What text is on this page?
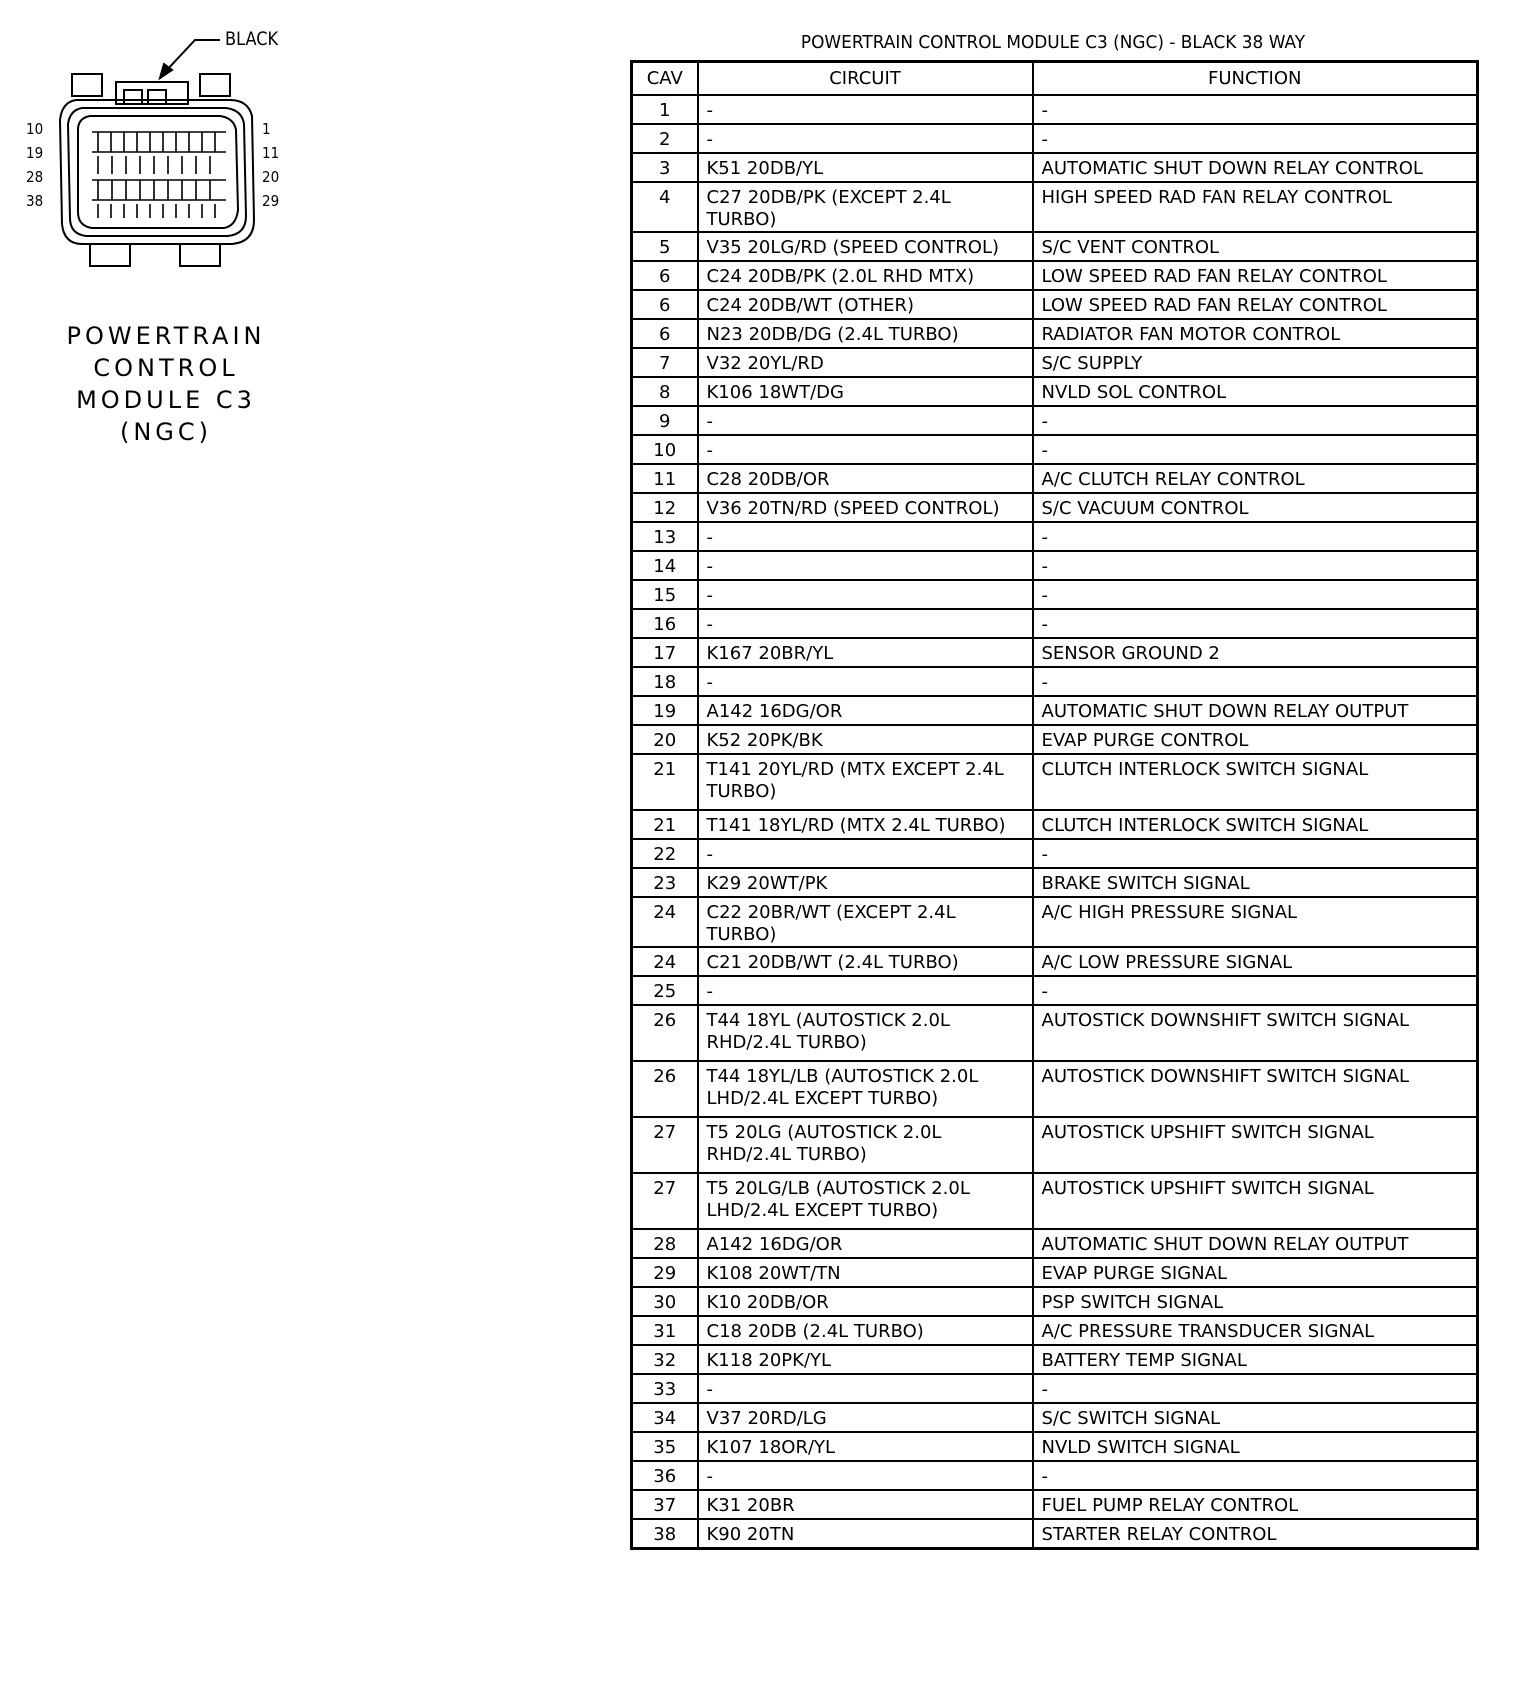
BLACK
10
19
28
38
1
11
20
29
POWERTRAIN
CONTROL
MODULE C3
(NGC)
POWERTRAIN CONTROL MODULE C3 (NGC) - BLACK 38 WAY
CAV	CIRCUIT	FUNCTION
1	-	-
2	-	-
3	K51 20DB/YL	AUTOMATIC SHUT DOWN RELAY CONTROL
4	C27 20DB/PK (EXCEPT 2.4L TURBO)	HIGH SPEED RAD FAN RELAY CONTROL
5	V35 20LG/RD (SPEED CONTROL)	S/C VENT CONTROL
6	C24 20DB/PK (2.0L RHD MTX)	LOW SPEED RAD FAN RELAY CONTROL
6	C24 20DB/WT (OTHER)	LOW SPEED RAD FAN RELAY CONTROL
6	N23 20DB/DG (2.4L TURBO)	RADIATOR FAN MOTOR CONTROL
7	V32 20YL/RD	S/C SUPPLY
8	K106 18WT/DG	NVLD SOL CONTROL
9	-	-
10	-	-
11	C28 20DB/OR	A/C CLUTCH RELAY CONTROL
12	V36 20TN/RD (SPEED CONTROL)	S/C VACUUM CONTROL
13	-	-
14	-	-
15	-	-
16	-	-
17	K167 20BR/YL	SENSOR GROUND 2
18	-	-
19	A142 16DG/OR	AUTOMATIC SHUT DOWN RELAY OUTPUT
20	K52 20PK/BK	EVAP PURGE CONTROL
21	T141 20YL/RD (MTX EXCEPT 2.4L TURBO)	CLUTCH INTERLOCK SWITCH SIGNAL
21	T141 18YL/RD (MTX 2.4L TURBO)	CLUTCH INTERLOCK SWITCH SIGNAL
22	-	-
23	K29 20WT/PK	BRAKE SWITCH SIGNAL
24	C22 20BR/WT (EXCEPT 2.4L TURBO)	A/C HIGH PRESSURE SIGNAL
24	C21 20DB/WT (2.4L TURBO)	A/C LOW PRESSURE SIGNAL
25	-	-
26	T44 18YL (AUTOSTICK 2.0L RHD/2.4L TURBO)	AUTOSTICK DOWNSHIFT SWITCH SIGNAL
26	T44 18YL/LB (AUTOSTICK 2.0L LHD/2.4L EXCEPT TURBO)	AUTOSTICK DOWNSHIFT SWITCH SIGNAL
27	T5 20LG (AUTOSTICK 2.0L RHD/2.4L TURBO)	AUTOSTICK UPSHIFT SWITCH SIGNAL
27	T5 20LG/LB (AUTOSTICK 2.0L LHD/2.4L EXCEPT TURBO)	AUTOSTICK UPSHIFT SWITCH SIGNAL
28	A142 16DG/OR	AUTOMATIC SHUT DOWN RELAY OUTPUT
29	K108 20WT/TN	EVAP PURGE SIGNAL
30	K10 20DB/OR	PSP SWITCH SIGNAL
31	C18 20DB (2.4L TURBO)	A/C PRESSURE TRANSDUCER SIGNAL
32	K118 20PK/YL	BATTERY TEMP SIGNAL
33	-	-
34	V37 20RD/LG	S/C SWITCH SIGNAL
35	K107 18OR/YL	NVLD SWITCH SIGNAL
36	-	-
37	K31 20BR	FUEL PUMP RELAY CONTROL
38	K90 20TN	STARTER RELAY CONTROL
